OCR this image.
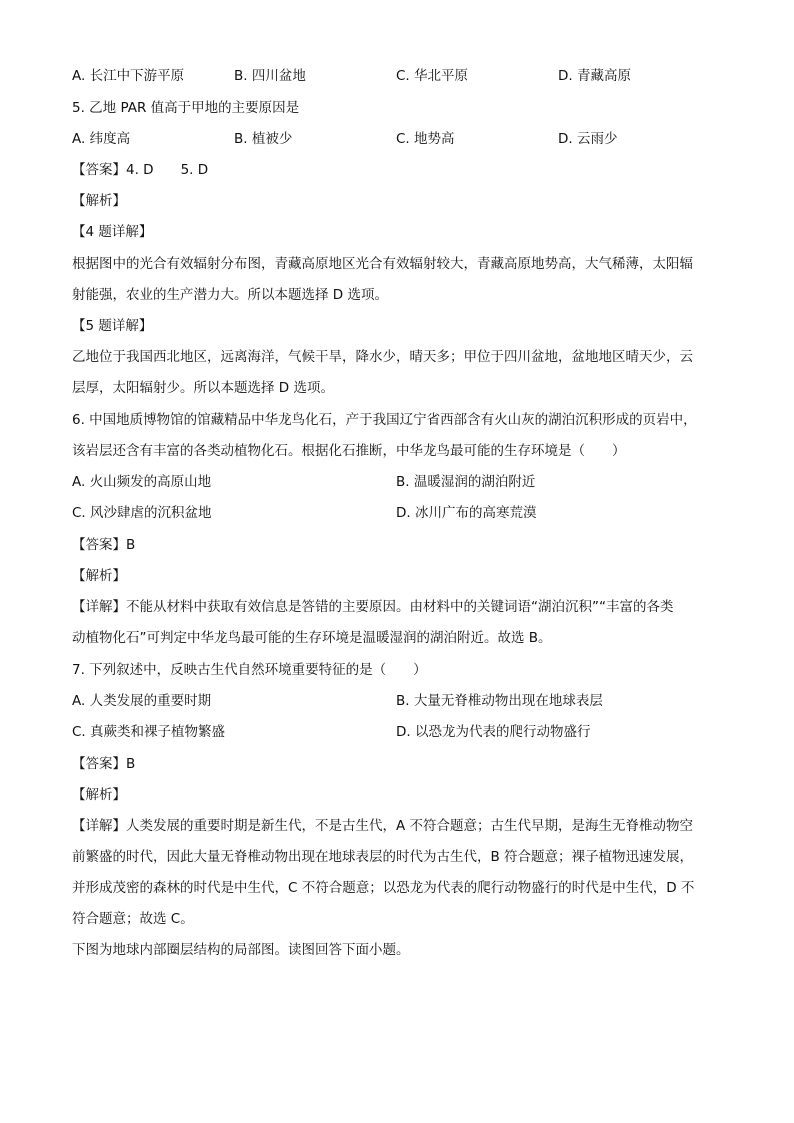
A. 长江中下游平原	B. 四川盆地	C. 华北平原	D. 青藏高原
5. 乙地 PAR 值高于甲地的主要原因是
A. 纬度高	B. 植被少	C. 地势高	D. 云雨少
【答案】4. D　　5. D
【解析】
【4 题详解】
根据图中的光合有效辐射分布图，青藏高原地区光合有效辐射较大，青藏高原地势高，大气稀薄，太阳辐
射能强，农业的生产潜力大。所以本题选择 D 选项。
【5 题详解】
乙地位于我国西北地区，远离海洋，气候干旱，降水少，晴天多；甲位于四川盆地，盆地地区晴天少，云
层厚，太阳辐射少。所以本题选择 D 选项。
6. 中国地质博物馆的馆藏精品中华龙鸟化石，产于我国辽宁省西部含有火山灰的湖泊沉积形成的页岩中，
该岩层还含有丰富的各类动植物化石。根据化石推断，中华龙鸟最可能的生存环境是（　　）
A. 火山频发的高原山地	B. 温暖湿润的湖泊附近
C. 风沙肆虐的沉积盆地	D. 冰川广布的高寒荒漠
【答案】B
【解析】
【详解】不能从材料中获取有效信息是答错的主要原因。由材料中的关键词语“湖泊沉积”“丰富的各类
动植物化石”可判定中华龙鸟最可能的生存环境是温暖湿润的湖泊附近。故选 B。
7. 下列叙述中，反映古生代自然环境重要特征的是（　　）
A. 人类发展的重要时期	B. 大量无脊椎动物出现在地球表层
C. 真蕨类和裸子植物繁盛	D. 以恐龙为代表的爬行动物盛行
【答案】B
【解析】
【详解】人类发展的重要时期是新生代，不是古生代，A 不符合题意；古生代早期，是海生无脊椎动物空
前繁盛的时代，因此大量无脊椎动物出现在地球表层的时代为古生代，B 符合题意；裸子植物迅速发展，
并形成茂密的森林的时代是中生代，C 不符合题意；以恐龙为代表的爬行动物盛行的时代是中生代，D 不
符合题意；故选 C。
下图为地球内部圈层结构的局部图。读图回答下面小题。
